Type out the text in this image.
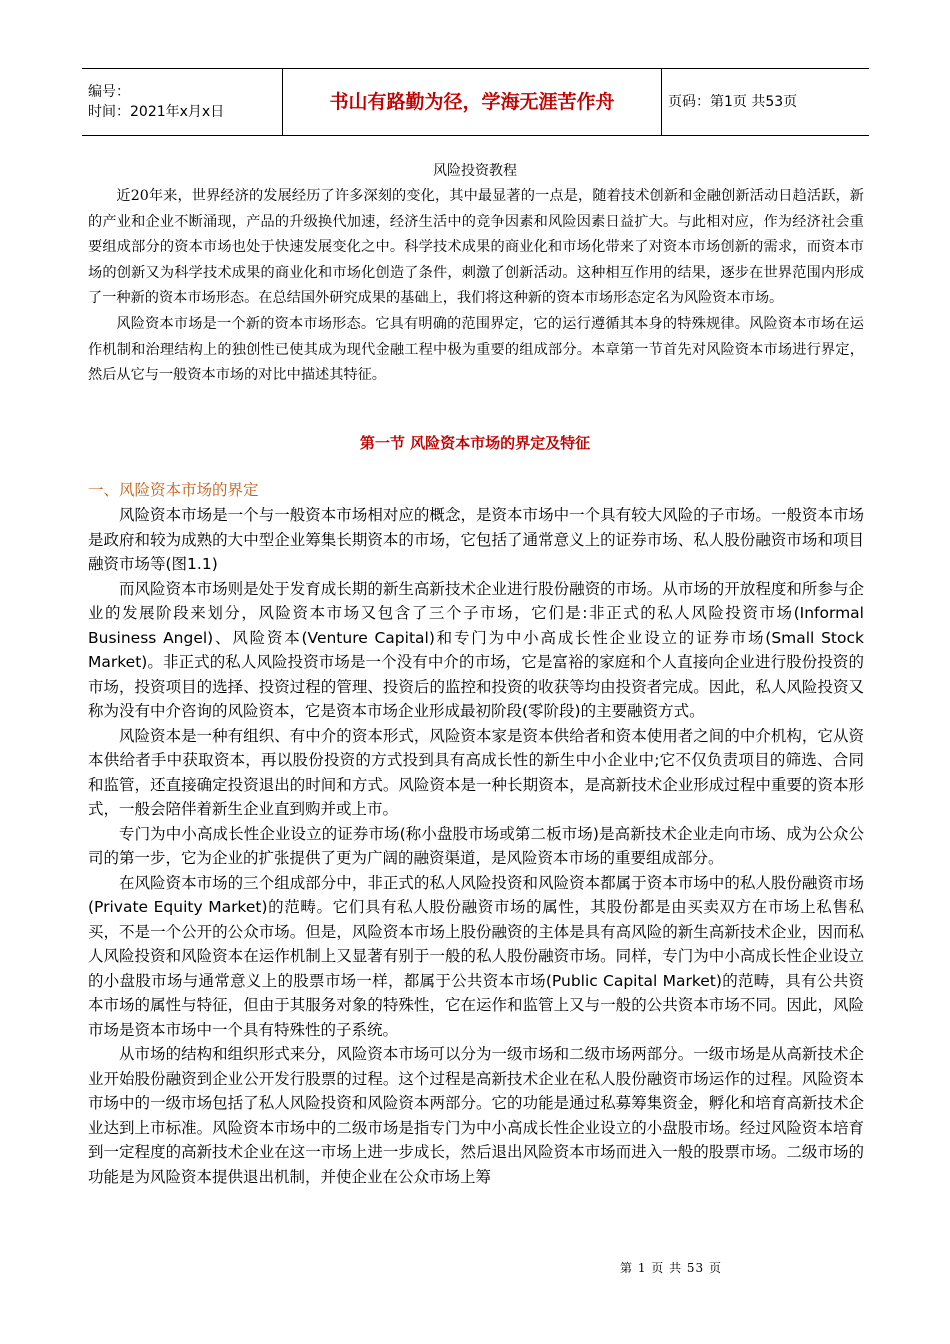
编号：
时间：2021年x月x日	书山有路勤为径，学海无涯苦作舟	页码：第1页 共53页
风险投资教程

近20年来，世界经济的发展经历了许多深刻的变化，其中最显著的一点是，随着技术创新和金融创新活动日趋活跃，新的产业和企业不断涌现，产品的升级换代加速，经济生活中的竞争因素和风险因素日益扩大。与此相对应，作为经济社会重要组成部分的资本市场也处于快速发展变化之中。科学技术成果的商业化和市场化带来了对资本市场创新的需求，而资本市场的创新又为科学技术成果的商业化和市场化创造了条件，刺激了创新活动。这种相互作用的结果，逐步在世界范围内形成了一种新的资本市场形态。在总结国外研究成果的基础上，我们将这种新的资本市场形态定名为风险资本市场。

风险资本市场是一个新的资本市场形态。它具有明确的范围界定，它的运行遵循其本身的特殊规律。风险资本市场在运作机制和治理结构上的独创性已使其成为现代金融工程中极为重要的组成部分。本章第一节首先对风险资本市场进行界定，然后从它与一般资本市场的对比中描述其特征。

第一节 风险资本市场的界定及特征
一、风险资本市场的界定

风险资本市场是一个与一般资本市场相对应的概念，是资本市场中一个具有较大风险的子市场。一般资本市场是政府和较为成熟的大中型企业筹集长期资本的市场，它包括了通常意义上的证券市场、私人股份融资市场和项目融资市场等(图1.1)

而风险资本市场则是处于发育成长期的新生高新技术企业进行股份融资的市场。从市场的开放程度和所参与企业的发展阶段来划分，风险资本市场又包含了三个子市场，它们是:非正式的私人风险投资市场(Informal Business Angel)、风险资本(Venture Capital)和专门为中小高成长性企业设立的证券市场(Small Stock Market)。非正式的私人风险投资市场是一个没有中介的市场，它是富裕的家庭和个人直接向企业进行股份投资的市场，投资项目的选择、投资过程的管理、投资后的监控和投资的收获等均由投资者完成。因此，私人风险投资又称为没有中介咨询的风险资本，它是资本市场企业形成最初阶段(零阶段)的主要融资方式。

风险资本是一种有组织、有中介的资本形式，风险资本家是资本供给者和资本使用者之间的中介机构，它从资本供给者手中获取资本，再以股份投资的方式投到具有高成长性的新生中小企业中;它不仅负责项目的筛选、合同和监管，还直接确定投资退出的时间和方式。风险资本是一种长期资本，是高新技术企业形成过程中重要的资本形式，一般会陪伴着新生企业直到购并或上市。

专门为中小高成长性企业设立的证券市场(称小盘股市场或第二板市场)是高新技术企业走向市场、成为公众公司的第一步，它为企业的扩张提供了更为广阔的融资渠道，是风险资本市场的重要组成部分。

在风险资本市场的三个组成部分中，非正式的私人风险投资和风险资本都属于资本市场中的私人股份融资市场(Private Equity Market)的范畴。它们具有私人股份融资市场的属性，其股份都是由买卖双方在市场上私售私买，不是一个公开的公众市场。但是，风险资本市场上股份融资的主体是具有高风险的新生高新技术企业，因而私人风险投资和风险资本在运作机制上又显著有别于一般的私人股份融资市场。同样，专门为中小高成长性企业设立的小盘股市场与通常意义上的股票市场一样，都属于公共资本市场(Public Capital Market)的范畴，具有公共资本市场的属性与特征，但由于其服务对象的特殊性，它在运作和监管上又与一般的公共资本市场不同。因此，风险市场是资本市场中一个具有特殊性的子系统。

从市场的结构和组织形式来分，风险资本市场可以分为一级市场和二级市场两部分。一级市场是从高新技术企业开始股份融资到企业公开发行股票的过程。这个过程是高新技术企业在私人股份融资市场运作的过程。风险资本市场中的一级市场包括了私人风险投资和风险资本两部分。它的功能是通过私募筹集资金，孵化和培育高新技术企业达到上市标准。风险资本市场中的二级市场是指专门为中小高成长性企业设立的小盘股市场。经过风险资本培育到一定程度的高新技术企业在这一市场上进一步成长，然后退出风险资本市场而进入一般的股票市场。二级市场的功能是为风险资本提供退出机制，并使企业在公众市场上筹

第 1 页 共 53 页
